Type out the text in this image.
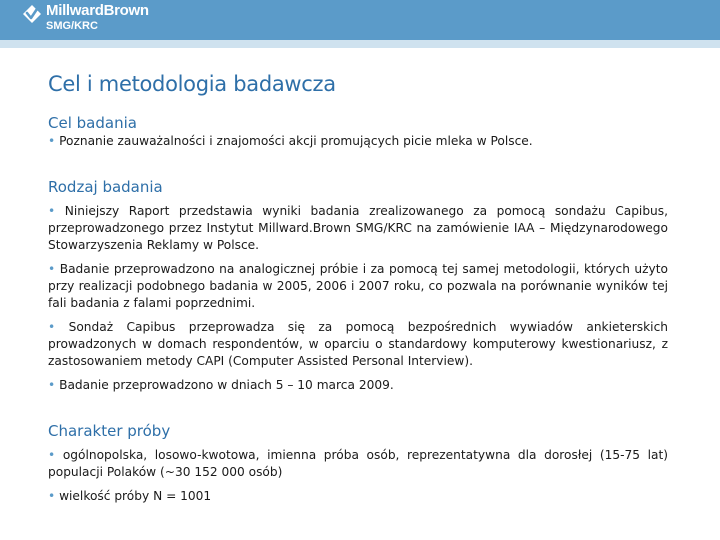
MillwardBrown
SMG/KRC
Cel i metodologia badawcza
Cel badania

• Poznanie zauważalności i znajomości akcji promujących picie mleka w Polsce.

Rodzaj badania

• Niniejszy Raport przedstawia wyniki badania zrealizowanego za pomocą sondażu Capibus, przeprowadzonego przez Instytut Millward.Brown SMG/KRC na zamówienie IAA – Międzynarodowego Stowarzyszenia Reklamy w Polsce.

• Badanie przeprowadzono na analogicznej próbie i za pomocą tej samej metodologii, których użyto przy realizacji podobnego badania w 2005, 2006 i 2007 roku, co pozwala na porównanie wyników tej fali badania z falami poprzednimi.

• Sondaż Capibus przeprowadza się za pomocą bezpośrednich wywiadów ankieterskich prowadzonych w domach respondentów, w oparciu o standardowy komputerowy kwestionariusz, z zastosowaniem metody CAPI (Computer Assisted Personal Interview).

• Badanie przeprowadzono w dniach 5 – 10 marca 2009.

Charakter próby

• ogólnopolska, losowo-kwotowa, imienna próba osób, reprezentatywna dla dorosłej (15-75 lat) populacji Polaków (~30 152 000 osób)

• wielkość próby N = 1001
